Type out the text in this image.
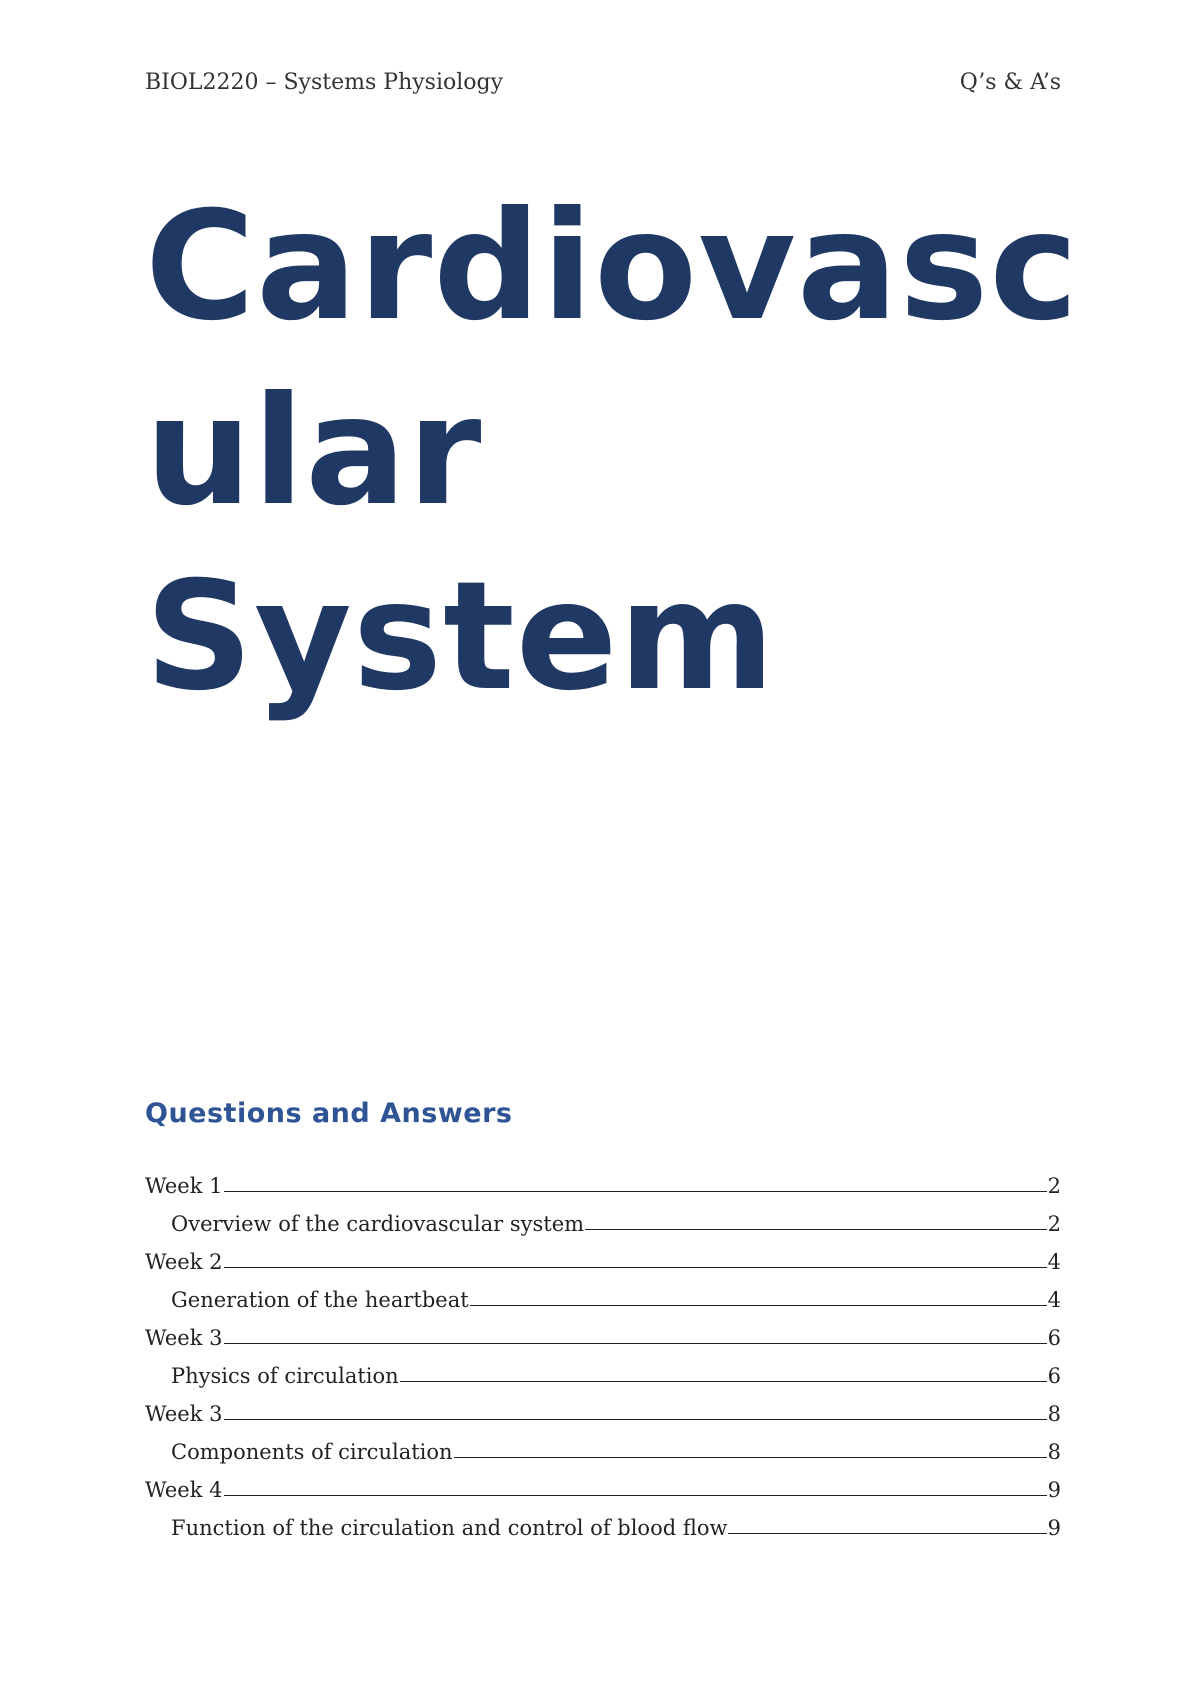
BIOL2220 – Systems Physiology	Q’s & A’s
Cardiovasc
ular
System
Questions and Answers
Week 1	2
Overview of the cardiovascular system	2
Week 2	4
Generation of the heartbeat	4
Week 3	6
Physics of circulation	6
Week 3	8
Components of circulation	8
Week 4	9
Function of the circulation and control of blood flow	9
